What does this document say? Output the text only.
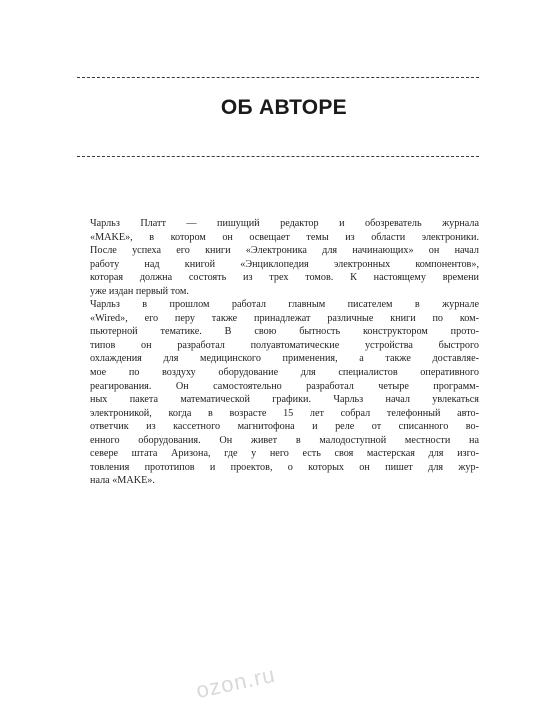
ОБ АВТОРЕ

Чарльз Платт — пишущий редактор и обозреватель журнала
«MAKE», в котором он освещает темы из области электроники.
После успеха его книги «Электроника для начинающих» он начал
работу над книгой «Энциклопедия электронных компонентов»,
которая должна состоять из трех томов. К настоящему времени
уже издан первый том.

Чарльз в прошлом работал главным писателем в журнале
«Wired», его перу также принадлежат различные книги по ком-
пьютерной тематике. В свою бытность конструктором прото-
типов он разработал полуавтоматические устройства быстрого
охлаждения для медицинского применения, а также доставляе-
мое по воздуху оборудование для специалистов оперативного
реагирования. Он самостоятельно разработал четыре программ-
ных пакета математической графики. Чарльз начал увлекаться
электроникой, когда в возрасте 15 лет собрал телефонный авто-
ответчик из кассетного магнитофона и реле от списанного во-
енного оборудования. Он живет в малодоступной местности на
севере штата Аризона, где у него есть своя мастерская для изго-
товления прототипов и проектов, о которых он пишет для жур-
нала «MAKE».

ozon.ru
